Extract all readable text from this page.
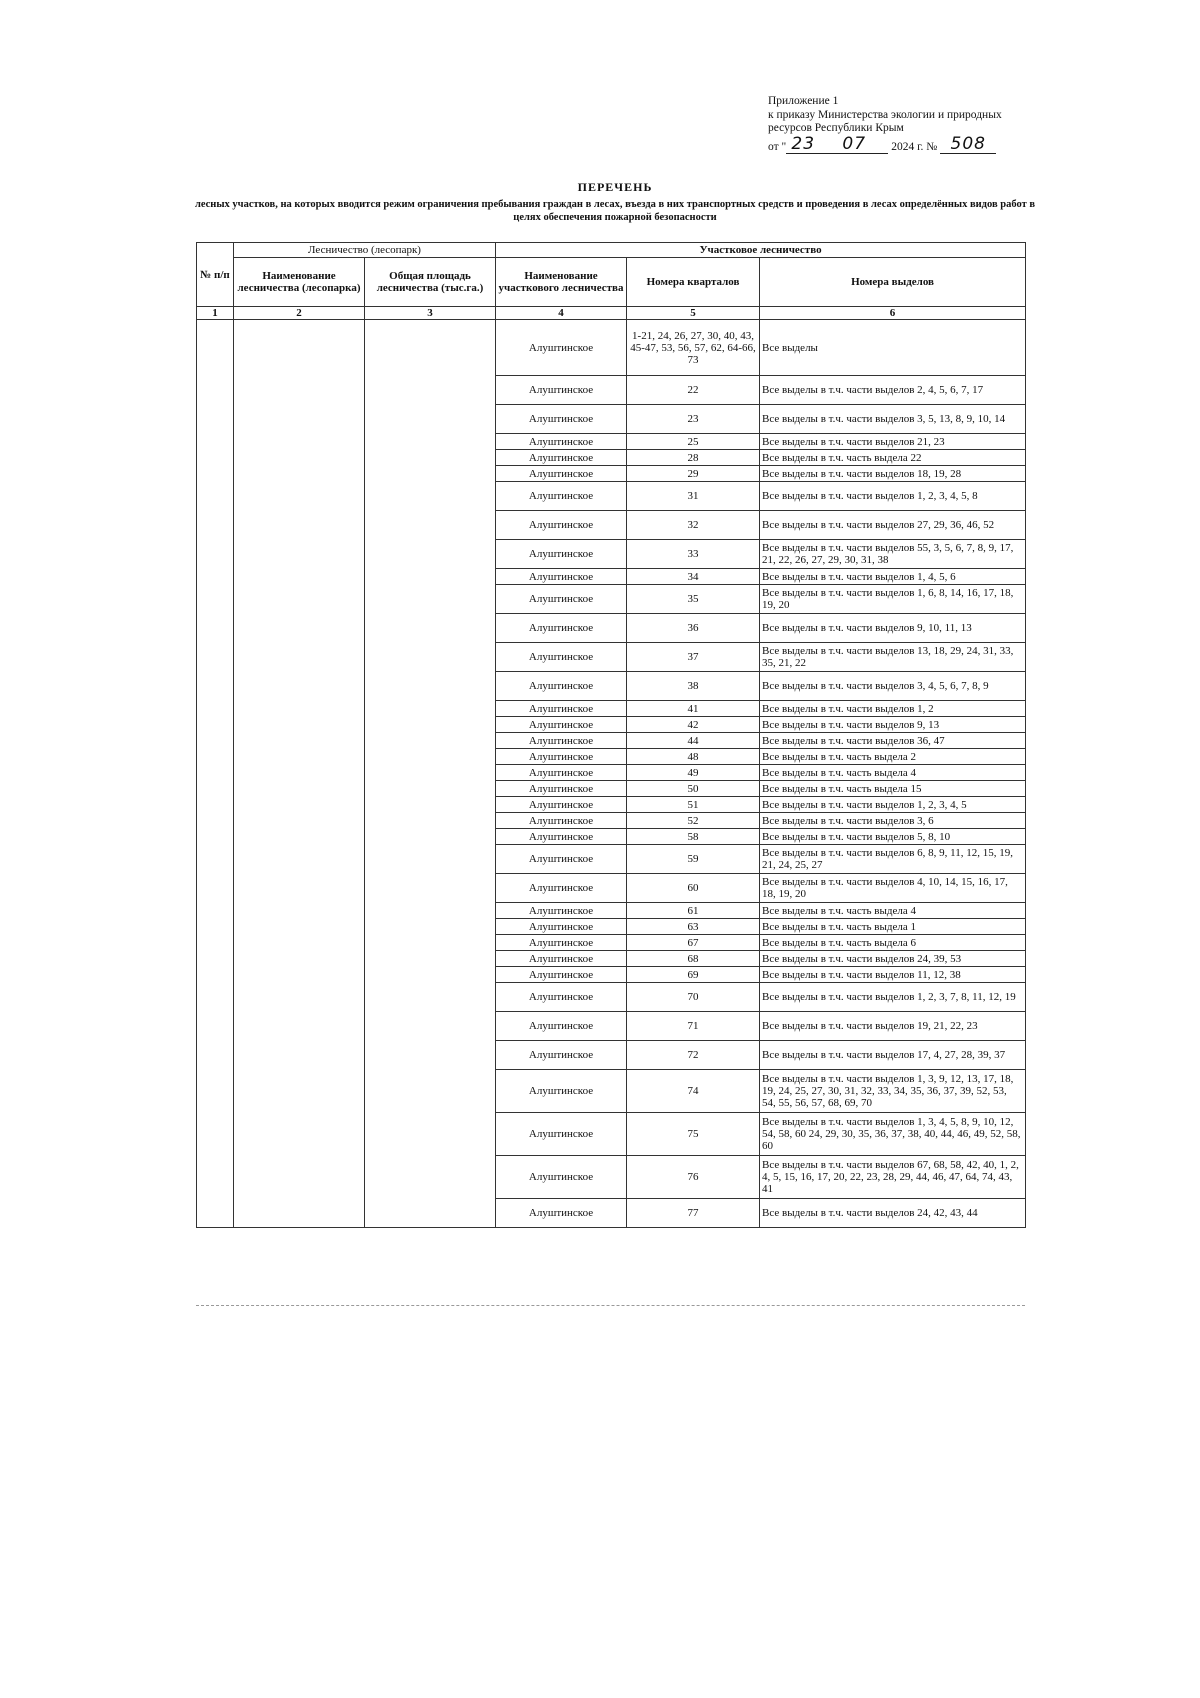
Приложение 1
к приказу Министерства экологии и природных
ресурсов Республики Крым
от " 23	07	2024 г. № 508
ПЕРЕЧЕНЬ
лесных участков, на которых вводится режим ограничения пребывания граждан в лесах, въезда в них транспортных средств и проведения в лесах определённых видов работ в целях обеспечения пожарной безопасности
№ п/п	Лесничество (лесопарк)		Участковое лесничество		
	Наименование лесничества (лесопарка)	Общая площадь лесничества (тыс.га.)	Наименование участкового лесничества	Номера кварталов	Номера выделов
1	2	3	4	5	6
			Алуштинское	1-21, 24, 26, 27, 30, 40, 43, 45-47, 53, 56, 57, 62, 64-66, 73	Все выделы
			Алуштинское	22	Все выделы в т.ч. части выделов 2, 4, 5, 6, 7, 17
			Алуштинское	23	Все выделы в т.ч. части выделов 3, 5, 13, 8, 9, 10, 14
			Алуштинское	25	Все выделы в т.ч. части выделов 21, 23
			Алуштинское	28	Все выделы в т.ч. часть выдела 22
			Алуштинское	29	Все выделы в т.ч. части выделов 18, 19, 28
			Алуштинское	31	Все выделы в т.ч. части выделов 1, 2, 3, 4, 5, 8
			Алуштинское	32	Все выделы в т.ч. части выделов 27, 29, 36, 46, 52
			Алуштинское	33	Все выделы в т.ч. части выделов 55, 3, 5, 6, 7, 8, 9, 17, 21, 22, 26, 27, 29, 30, 31, 38
			Алуштинское	34	Все выделы в т.ч. части выделов 1, 4, 5, 6
			Алуштинское	35	Все выделы в т.ч. части выделов 1, 6, 8, 14, 16, 17, 18, 19, 20
			Алуштинское	36	Все выделы в т.ч. части выделов 9, 10, 11, 13
			Алуштинское	37	Все выделы в т.ч. части выделов 13, 18, 29, 24, 31, 33, 35, 21, 22
			Алуштинское	38	Все выделы в т.ч. части выделов 3, 4, 5, 6, 7, 8, 9
			Алуштинское	41	Все выделы в т.ч. части выделов 1, 2
			Алуштинское	42	Все выделы в т.ч. части выделов 9, 13
			Алуштинское	44	Все выделы в т.ч. части выделов 36, 47
			Алуштинское	48	Все выделы в т.ч. часть выдела 2
			Алуштинское	49	Все выделы в т.ч. часть выдела 4
			Алуштинское	50	Все выделы в т.ч. часть выдела 15
			Алуштинское	51	Все выделы в т.ч. части выделов 1, 2, 3, 4, 5
			Алуштинское	52	Все выделы в т.ч. части выделов 3, 6
			Алуштинское	58	Все выделы в т.ч. части выделов 5, 8, 10
			Алуштинское	59	Все выделы в т.ч. части выделов 6, 8, 9, 11, 12, 15, 19, 21, 24, 25, 27
			Алуштинское	60	Все выделы в т.ч. части выделов 4, 10, 14, 15, 16, 17, 18, 19, 20
			Алуштинское	61	Все выделы в т.ч. часть выдела 4
			Алуштинское	63	Все выделы в т.ч. часть выдела 1
			Алуштинское	67	Все выделы в т.ч. часть выдела 6
			Алуштинское	68	Все выделы в т.ч. части выделов 24, 39, 53
			Алуштинское	69	Все выделы в т.ч. части выделов 11, 12, 38
			Алуштинское	70	Все выделы в т.ч. части выделов 1, 2, 3, 7, 8, 11, 12, 19
			Алуштинское	71	Все выделы в т.ч. части выделов 19, 21, 22, 23
			Алуштинское	72	Все выделы в т.ч. части выделов 17, 4, 27, 28, 39, 37
			Алуштинское	74	Все выделы в т.ч. части выделов 1, 3, 9, 12, 13, 17, 18, 19, 24, 25, 27, 30, 31, 32, 33, 34, 35, 36, 37, 39, 52, 53, 54, 55, 56, 57, 68, 69, 70
			Алуштинское	75	Все выделы в т.ч. части выделов 1, 3, 4, 5, 8, 9, 10, 12, 54, 58, 60 24, 29, 30, 35, 36, 37, 38, 40, 44, 46, 49, 52, 58, 60
			Алуштинское	76	Все выделы в т.ч. части выделов 67, 68, 58, 42, 40, 1, 2, 4, 5, 15, 16, 17, 20, 22, 23, 28, 29, 44, 46, 47, 64, 74, 43, 41
			Алуштинское	77	Все выделы в т.ч. части выделов 24, 42, 43, 44
